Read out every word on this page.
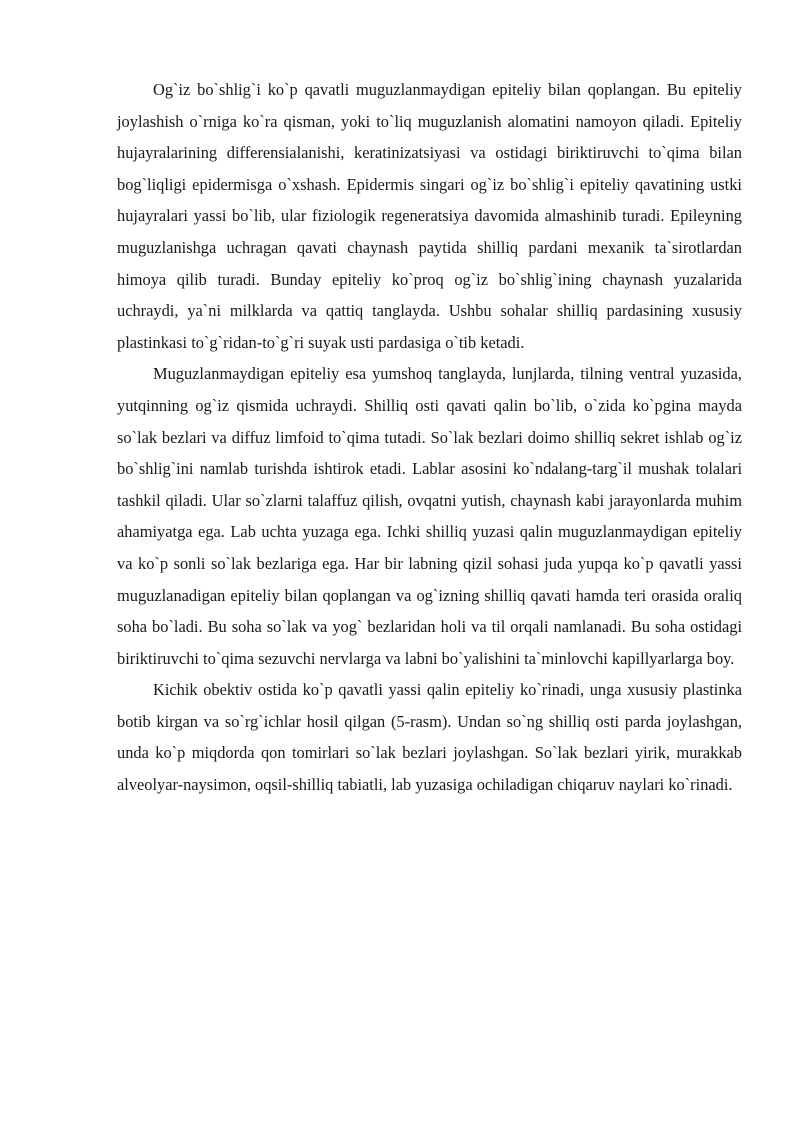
Og`iz bo`shlig`i ko`p qavatli muguzlanmaydigan epiteliy bilan qoplangan. Bu epiteliy joylashish o`rniga ko`ra qisman, yoki to`liq muguzlanish alomatini namoyon qiladi. Epiteliy hujayralarining differensialanishi, keratinizatsiyasi va ostidagi biriktiruvchi to`qima bilan bog`liqligi epidermisga o`xshash. Epidermis singari og`iz bo`shlig`i epiteliy qavatining ustki hujayralari yassi bo`lib, ular fiziologik regeneratsiya davomida almashinib turadi. Epileyning muguzlanishga uchragan qavati chaynash paytida shilliq pardani mexanik ta`sirotlardan himoya qilib turadi. Bunday epiteliy ko`proq og`iz bo`shlig`ining chaynash yuzalarida uchraydi, ya`ni milklarda va qattiq tanglayda. Ushbu sohalar shilliq pardasining xususiy plastinkasi to`g`ridan-to`g`ri suyak usti pardasiga o`tib ketadi.

Muguzlanmaydigan epiteliy esa yumshoq tanglayda, lunjlarda, tilning ventral yuzasida, yutqinning og`iz qismida uchraydi. Shilliq osti qavati qalin bo`lib, o`zida ko`pgina mayda so`lak bezlari va diffuz limfoid to`qima tutadi. So`lak bezlari doimo shilliq sekret ishlab og`iz bo`shlig`ini namlab turishda ishtirok etadi. Lablar asosini ko`ndalang-targ`il mushak tolalari tashkil qiladi. Ular so`zlarni talaffuz qilish, ovqatni yutish, chaynash kabi jarayonlarda muhim ahamiyatga ega. Lab uchta yuzaga ega. Ichki shilliq yuzasi qalin muguzlanmaydigan epiteliy va ko`p sonli so`lak bezlariga ega. Har bir labning qizil sohasi juda yupqa ko`p qavatli yassi muguzlanadigan epiteliy bilan qoplangan va og`izning shilliq qavati hamda teri orasida oraliq soha bo`ladi. Bu soha so`lak va yog` bezlaridan holi va til orqali namlanadi. Bu soha ostidagi biriktiruvchi to`qima sezuvchi nervlarga va labni bo`yalishini ta`minlovchi kapillyarlarga boy.

Kichik obektiv ostida ko`p qavatli yassi qalin epiteliy ko`rinadi, unga xususiy plastinka botib kirgan va so`rg`ichlar hosil qilgan (5-rasm). Undan so`ng shilliq osti parda joylashgan, unda ko`p miqdorda qon tomirlari so`lak bezlari joylashgan. So`lak bezlari yirik, murakkab alveolyar-naysimon, oqsil-shilliq tabiatli, lab yuzasiga ochiladigan chiqaruv naylari ko`rinadi.
